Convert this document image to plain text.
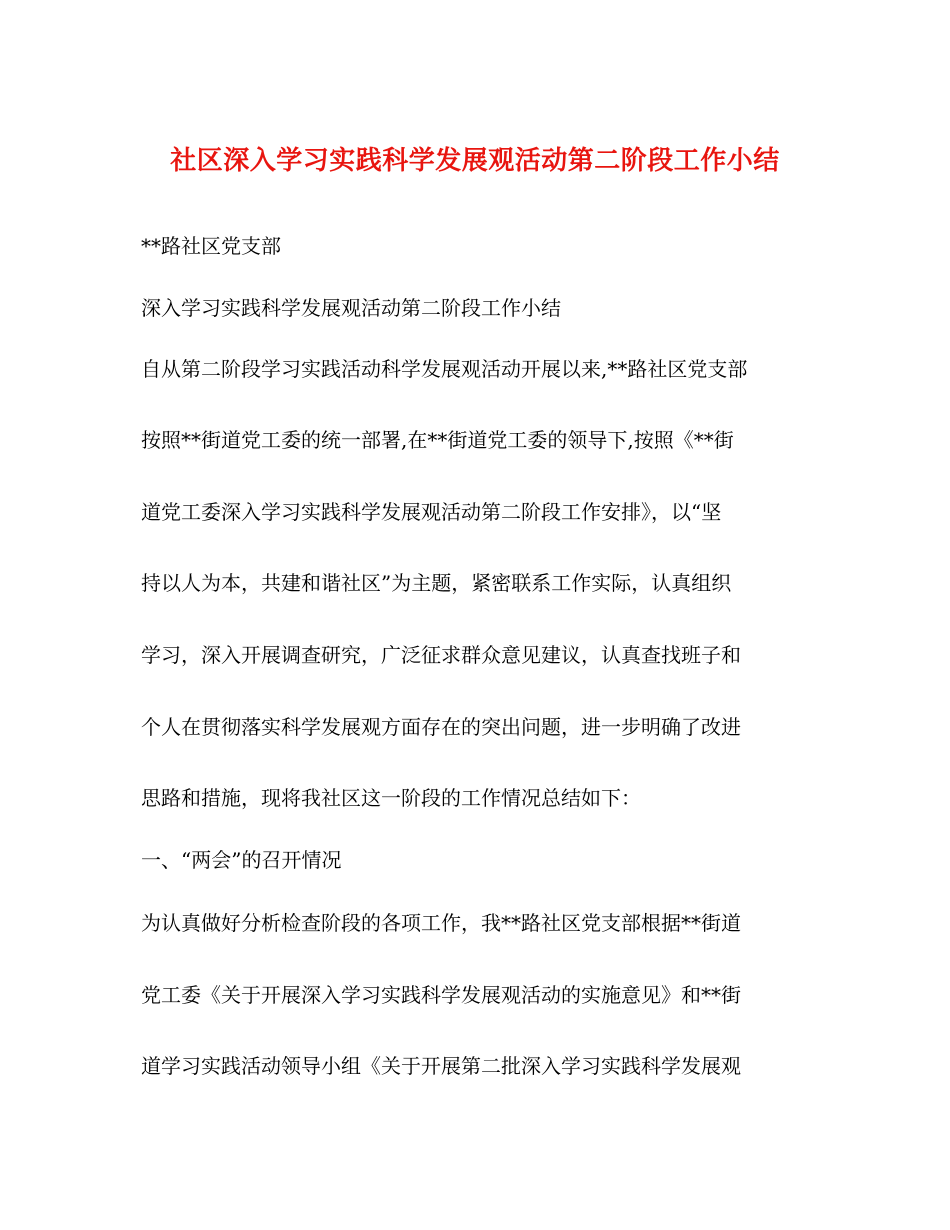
社区深入学习实践科学发展观活动第二阶段工作小结
**路社区党支部
深入学习实践科学发展观活动第二阶段工作小结
自从第二阶段学习实践活动科学发展观活动开展以来,**路社区党支部
按照**街道党工委的统一部署,在**街道党工委的领导下,按照《**街
道党工委深入学习实践科学发展观活动第二阶段工作安排》，以“坚
持以人为本，共建和谐社区”为主题，紧密联系工作实际，认真组织
学习，深入开展调查研究，广泛征求群众意见建议，认真查找班子和
个人在贯彻落实科学发展观方面存在的突出问题，进一步明确了改进
思路和措施，现将我社区这一阶段的工作情况总结如下：
一、“两会”的召开情况
为认真做好分析检查阶段的各项工作，我**路社区党支部根据**街道
党工委《关于开展深入学习实践科学发展观活动的实施意见》和**街
道学习实践活动领导小组《关于开展第二批深入学习实践科学发展观
